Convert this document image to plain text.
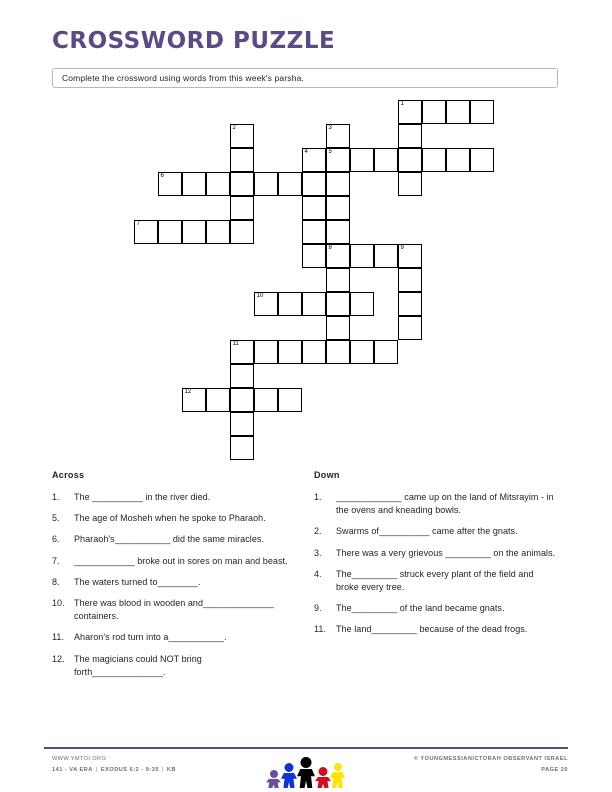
CROSSWORD PUZZLE
Complete the crossword using words from this week's parsha.
1
2	3
4	5
6
7
8	9
10
11
12
Across
1.	The __________ in the river died.
5.	The age of Mosheh when he spoke to Pharaoh.
6.	Pharaoh's___________ did the same miracles.
7.	____________ broke out in sores on man and beast.
8.	The waters turned to________.
10.	There was blood in wooden and______________ containers.
11.	Aharon's rod turn into a___________.
12.	The magicians could NOT bring forth______________.
Down
1.	_____________ came up on the land of Mitsrayim - in the ovens and kneading bowls.
2.	Swarms of__________ came after the gnats.
3.	There was a very grievous _________ on the animals.
4.	The_________ struck every plant of the field and broke every tree.
9.	The_________ of the land became gnats.
11.	The land_________ because of the dead frogs.
WWW.YMTOI.ORG
141 - VA ERA | EXODUS 6:2 - 9:35 | KB
© YOUNGMESSIANICTORAH OBSERVANT ISRAEL
PAGE 20
